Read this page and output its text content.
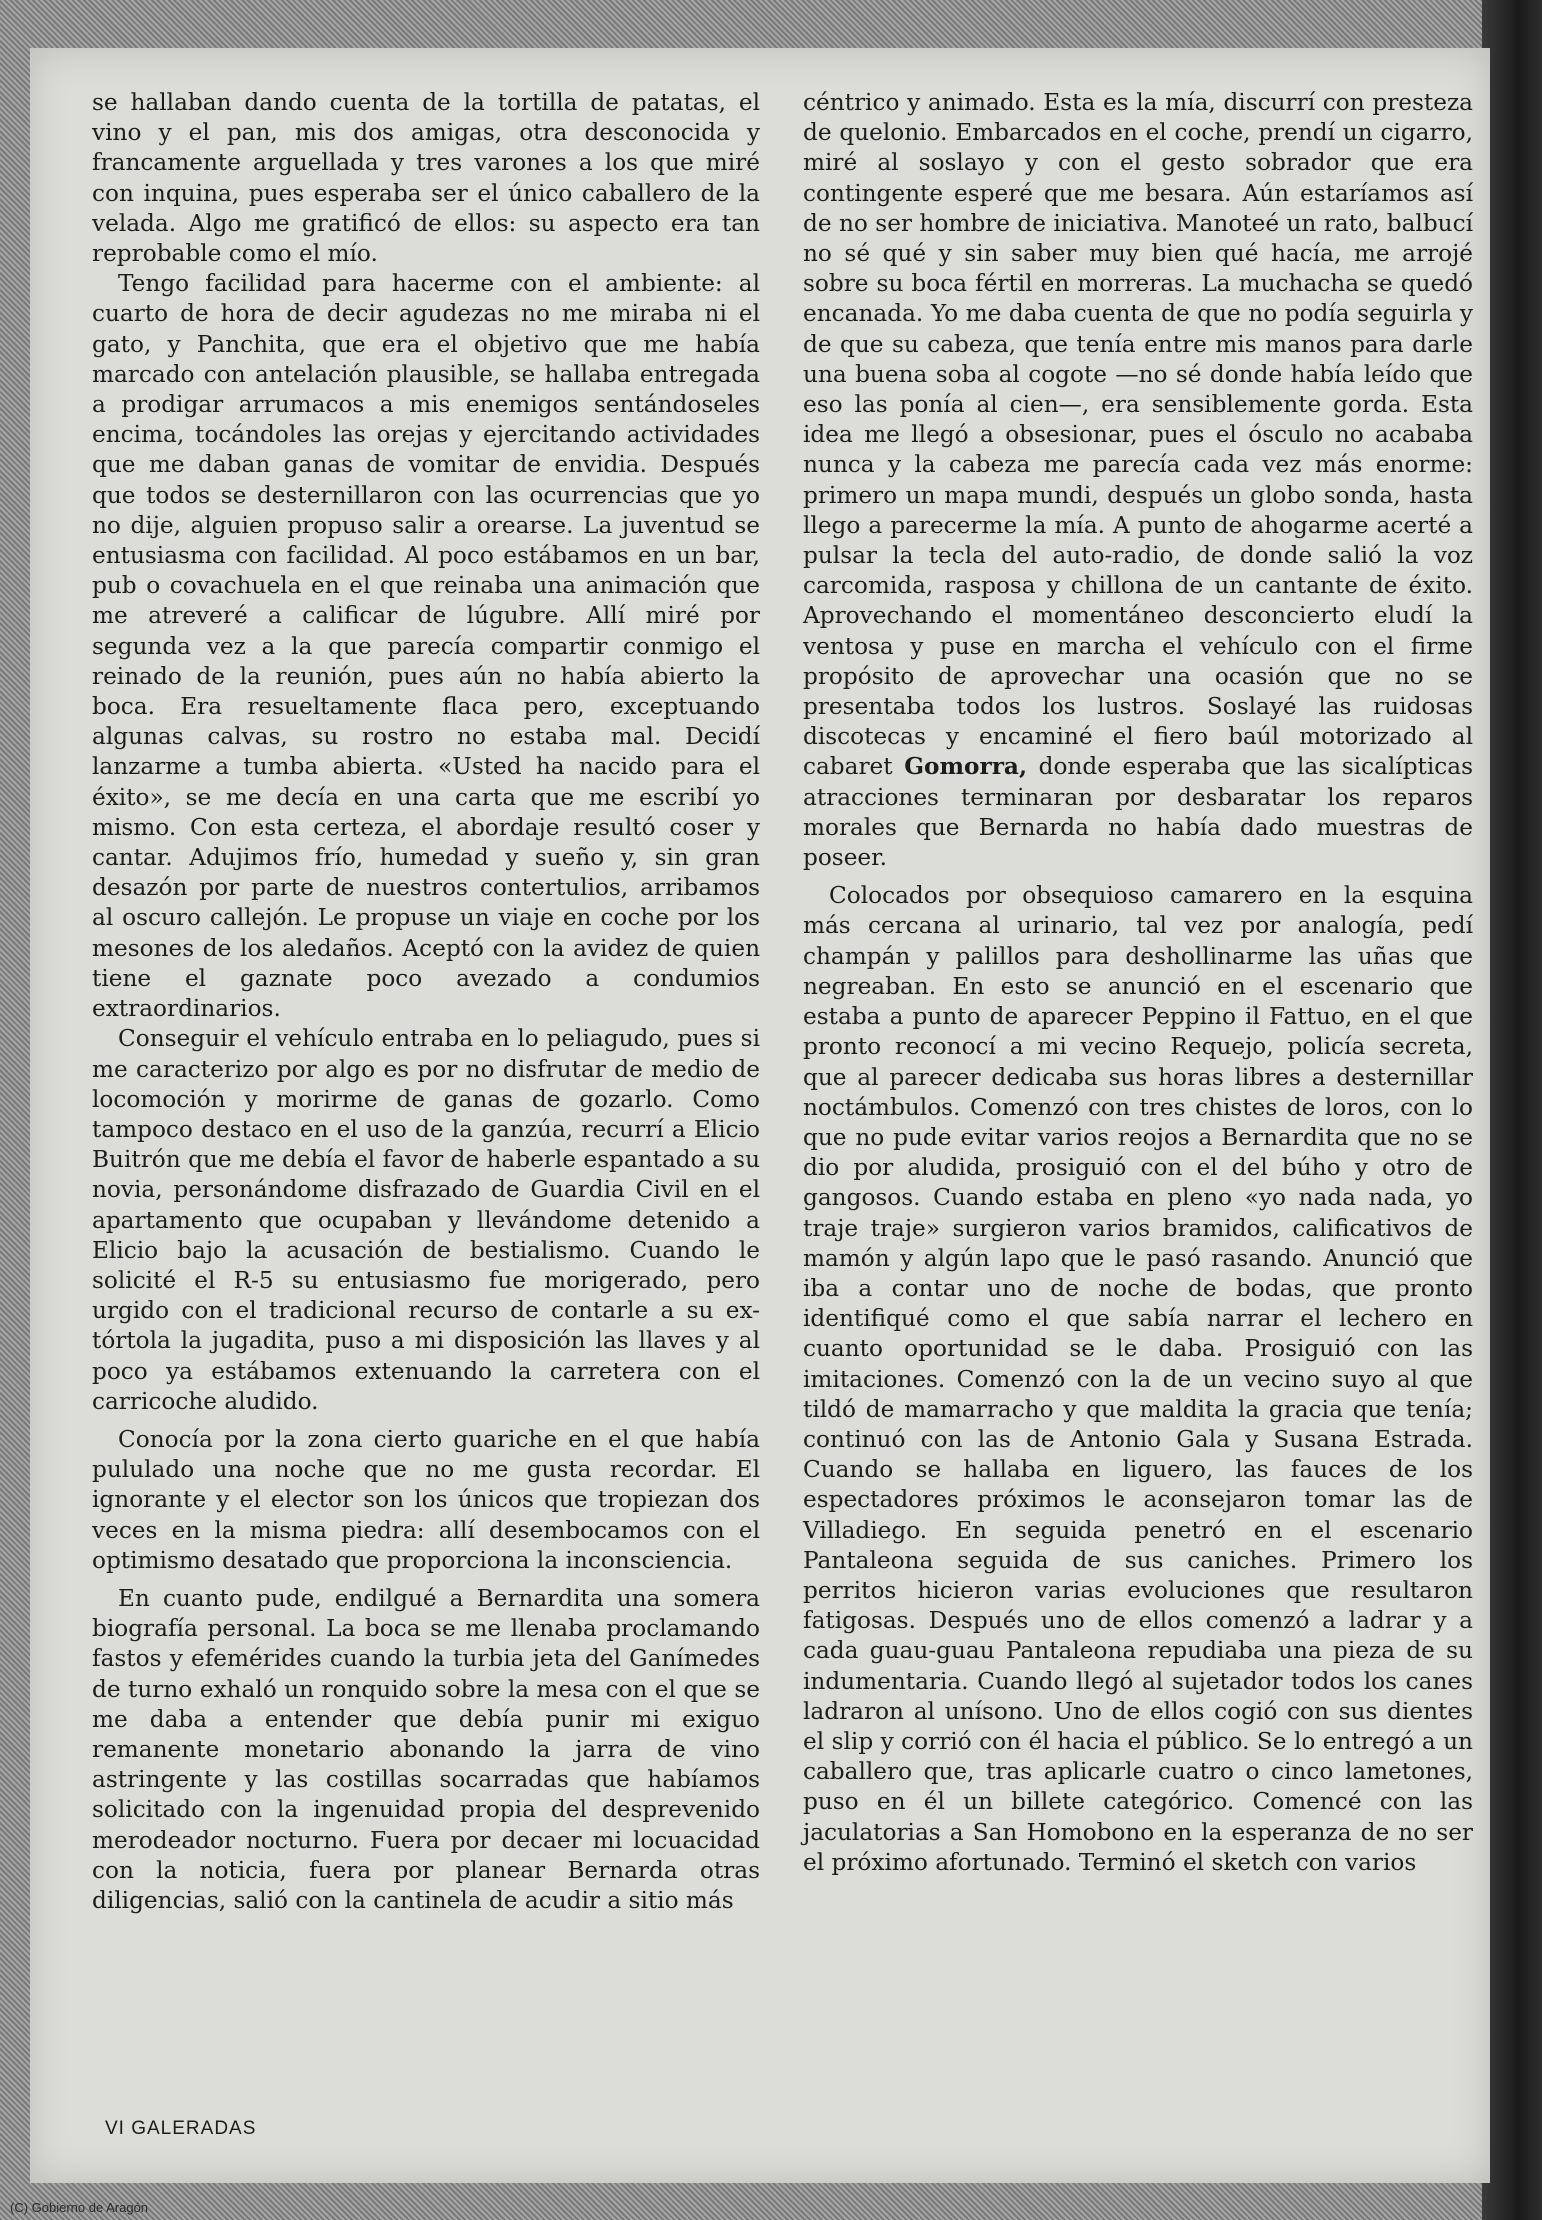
se hallaban dando cuenta de la tortilla de patatas, el vino y el pan, mis dos amigas, otra desconocida y francamente arguellada y tres varones a los que miré con inquina, pues esperaba ser el único caballero de la velada. Algo me gratificó de ellos: su aspecto era tan reprobable como el mío.

Tengo facilidad para hacerme con el ambiente: al cuarto de hora de decir agudezas no me miraba ni el gato, y Panchita, que era el objetivo que me había marcado con antelación plausible, se hallaba entregada a prodigar arrumacos a mis enemigos sentándoseles encima, tocándoles las orejas y ejercitando actividades que me daban ganas de vomitar de envidia. Después que todos se desternillaron con las ocurrencias que yo no dije, alguien propuso salir a orearse. La juventud se entusiasma con facilidad. Al poco estábamos en un bar, pub o covachuela en el que reinaba una animación que me atreveré a calificar de lúgubre. Allí miré por segunda vez a la que parecía compartir conmigo el reinado de la reunión, pues aún no había abierto la boca. Era resueltamente flaca pero, exceptuando algunas calvas, su rostro no estaba mal. Decidí lanzarme a tumba abierta. «Usted ha nacido para el éxito», se me decía en una carta que me escribí yo mismo. Con esta certeza, el abordaje resultó coser y cantar. Adujimos frío, humedad y sueño y, sin gran desazón por parte de nuestros contertulios, arribamos al oscuro callejón. Le propuse un viaje en coche por los mesones de los aledaños. Aceptó con la avidez de quien tiene el gaznate poco avezado a condumios extraordinarios.

Conseguir el vehículo entraba en lo peliagudo, pues si me caracterizo por algo es por no disfrutar de medio de locomoción y morirme de ganas de gozarlo. Como tampoco destaco en el uso de la ganzúa, recurrí a Elicio Buitrón que me debía el favor de haberle espantado a su novia, personándome disfrazado de Guardia Civil en el apartamento que ocupaban y llevándome detenido a Elicio bajo la acusación de bestialismo. Cuando le solicité el R-5 su entusiasmo fue morigerado, pero urgido con el tradicional recurso de contarle a su ex-tórtola la jugadita, puso a mi disposición las llaves y al poco ya estábamos extenuando la carretera con el carricoche aludido.

Conocía por la zona cierto guariche en el que había pululado una noche que no me gusta recordar. El ignorante y el elector son los únicos que tropiezan dos veces en la misma piedra: allí desembocamos con el optimismo desatado que proporciona la inconsciencia.

En cuanto pude, endilgué a Bernardita una somera biografía personal. La boca se me llenaba proclamando fastos y efemérides cuando la turbia jeta del Ganímedes de turno exhaló un ronquido sobre la mesa con el que se me daba a entender que debía punir mi exiguo remanente monetario abonando la jarra de vino astringente y las costillas socarradas que habíamos solicitado con la ingenuidad propia del desprevenido merodeador nocturno. Fuera por decaer mi locuacidad con la noticia, fuera por planear Bernarda otras diligencias, salió con la cantinela de acudir a sitio más

céntrico y animado. Esta es la mía, discurrí con presteza de quelonio. Embarcados en el coche, prendí un cigarro, miré al soslayo y con el gesto sobrador que era contingente esperé que me besara. Aún estaríamos así de no ser hombre de iniciativa. Manoteé un rato, balbucí no sé qué y sin saber muy bien qué hacía, me arrojé sobre su boca fértil en morreras. La muchacha se quedó encanada. Yo me daba cuenta de que no podía seguirla y de que su cabeza, que tenía entre mis manos para darle una buena soba al cogote —no sé donde había leído que eso las ponía al cien—, era sensiblemente gorda. Esta idea me llegó a obsesionar, pues el ósculo no acababa nunca y la cabeza me parecía cada vez más enorme: primero un mapa mundi, después un globo sonda, hasta llego a parecerme la mía. A punto de ahogarme acerté a pulsar la tecla del auto-radio, de donde salió la voz carcomida, rasposa y chillona de un cantante de éxito. Aprovechando el momentáneo desconcierto eludí la ventosa y puse en marcha el vehículo con el firme propósito de aprovechar una ocasión que no se presentaba todos los lustros. Soslayé las ruidosas discotecas y encaminé el fiero baúl motorizado al cabaret Gomorra, donde esperaba que las sicalípticas atracciones terminaran por desbaratar los reparos morales que Bernarda no había dado muestras de poseer.

Colocados por obsequioso camarero en la esquina más cercana al urinario, tal vez por analogía, pedí champán y palillos para deshollinarme las uñas que negreaban. En esto se anunció en el escenario que estaba a punto de aparecer Peppino il Fattuo, en el que pronto reconocí a mi vecino Requejo, policía secreta, que al parecer dedicaba sus horas libres a desternillar noctámbulos. Comenzó con tres chistes de loros, con lo que no pude evitar varios reojos a Bernardita que no se dio por aludida, prosiguió con el del búho y otro de gangosos. Cuando estaba en pleno «yo nada nada, yo traje traje» surgieron varios bramidos, calificativos de mamón y algún lapo que le pasó rasando. Anunció que iba a contar uno de noche de bodas, que pronto identifiqué como el que sabía narrar el lechero en cuanto oportunidad se le daba. Prosiguió con las imitaciones. Comenzó con la de un vecino suyo al que tildó de mamarracho y que maldita la gracia que tenía; continuó con las de Antonio Gala y Susana Estrada. Cuando se hallaba en liguero, las fauces de los espectadores próximos le aconsejaron tomar las de Villadiego. En seguida penetró en el escenario Pantaleona seguida de sus caniches. Primero los perritos hicieron varias evoluciones que resultaron fatigosas. Después uno de ellos comenzó a ladrar y a cada guau-guau Pantaleona repudiaba una pieza de su indumentaria. Cuando llegó al sujetador todos los canes ladraron al unísono. Uno de ellos cogió con sus dientes el slip y corrió con él hacia el público. Se lo entregó a un caballero que, tras aplicarle cuatro o cinco lametones, puso en él un billete categórico. Comencé con las jaculatorias a San Homobono en la esperanza de no ser el próximo afortunado. Terminó el sketch con varios

VI GALERADAS
(C) Gobierno de Aragón
